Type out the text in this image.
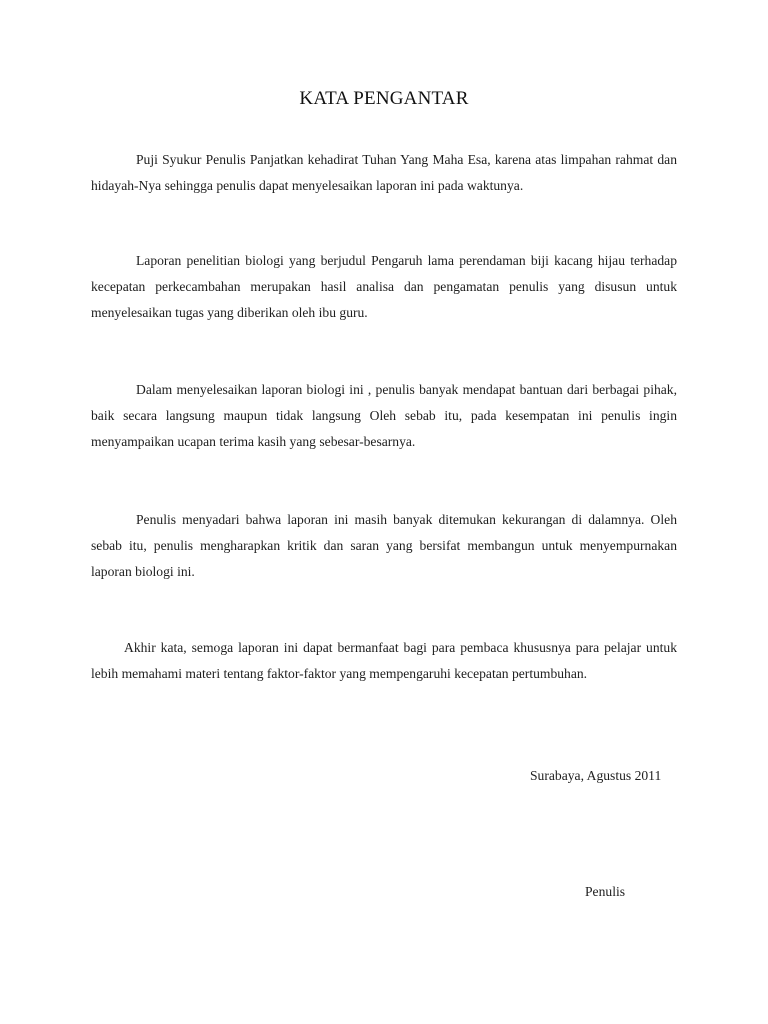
KATA PENGANTAR
Puji Syukur Penulis Panjatkan kehadirat Tuhan Yang Maha Esa, karena atas limpahan rahmat dan hidayah-Nya sehingga penulis dapat menyelesaikan laporan ini pada waktunya.
Laporan penelitian biologi yang berjudul Pengaruh lama perendaman biji kacang hijau terhadap kecepatan perkecambahan merupakan hasil analisa dan pengamatan penulis yang disusun untuk menyelesaikan tugas yang diberikan oleh ibu guru.
Dalam menyelesaikan laporan biologi ini , penulis banyak mendapat bantuan dari berbagai pihak, baik secara langsung maupun tidak langsung Oleh sebab itu, pada kesempatan ini penulis ingin menyampaikan ucapan terima kasih yang sebesar-besarnya.
Penulis menyadari bahwa laporan ini masih banyak ditemukan kekurangan di dalamnya. Oleh sebab itu, penulis mengharapkan kritik dan saran yang bersifat membangun untuk menyempurnakan laporan biologi ini.
Akhir kata, semoga laporan ini dapat bermanfaat bagi para pembaca khususnya para pelajar untuk lebih memahami materi tentang faktor-faktor yang mempengaruhi kecepatan pertumbuhan.
Surabaya, Agustus 2011
Penulis
